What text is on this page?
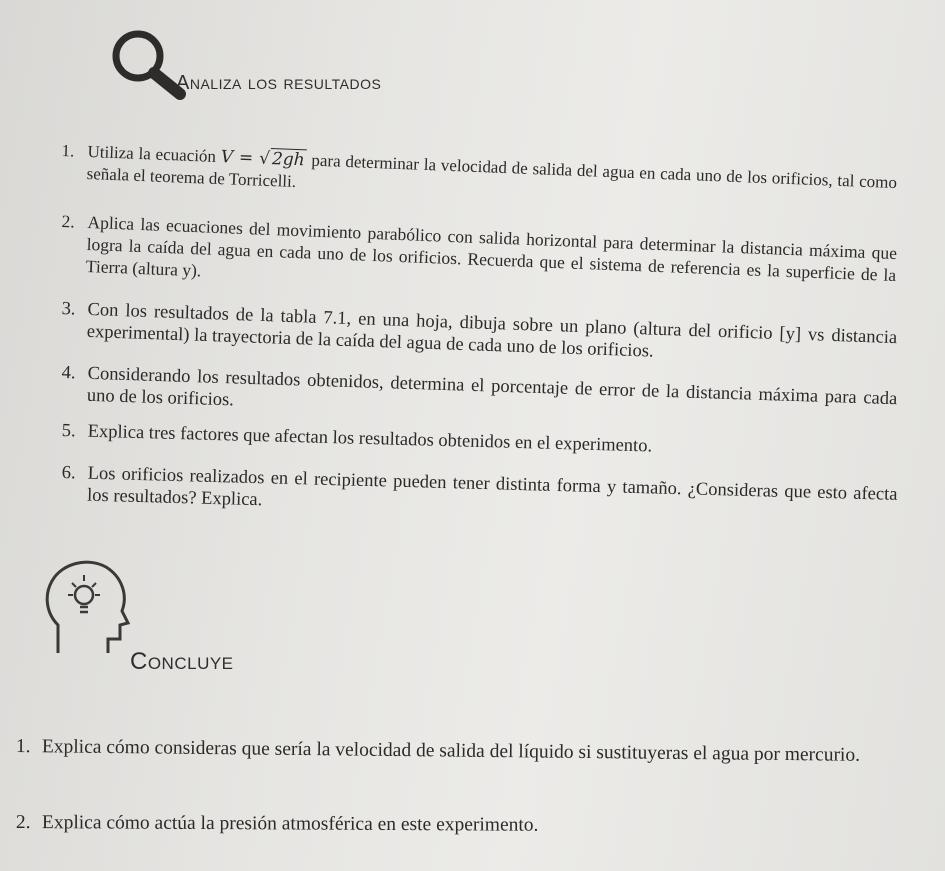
Analiza los resultados
1. Utiliza la ecuación V = √2gh para determinar la velocidad de salida del agua en cada uno de los orificios, tal como señala el teorema de Torricelli.
2. Aplica las ecuaciones del movimiento parabólico con salida horizontal para determinar la distancia máxima que logra la caída del agua en cada uno de los orificios. Recuerda que el sistema de referencia es la superficie de la Tierra (altura y).
3. Con los resultados de la tabla 7.1, en una hoja, dibuja sobre un plano (altura del orificio [y] vs distancia experimental) la trayectoria de la caída del agua de cada uno de los orificios.
4. Considerando los resultados obtenidos, determina el porcentaje de error de la distancia máxima para cada uno de los orificios.
5. Explica tres factores que afectan los resultados obtenidos en el experimento.
6. Los orificios realizados en el recipiente pueden tener distinta forma y tamaño. ¿Consideras que esto afecta los resultados? Explica.
Concluye
1. Explica cómo consideras que sería la velocidad de salida del líquido si sustituyeras el agua por mercurio.
2. Explica cómo actúa la presión atmosférica en este experimento.
